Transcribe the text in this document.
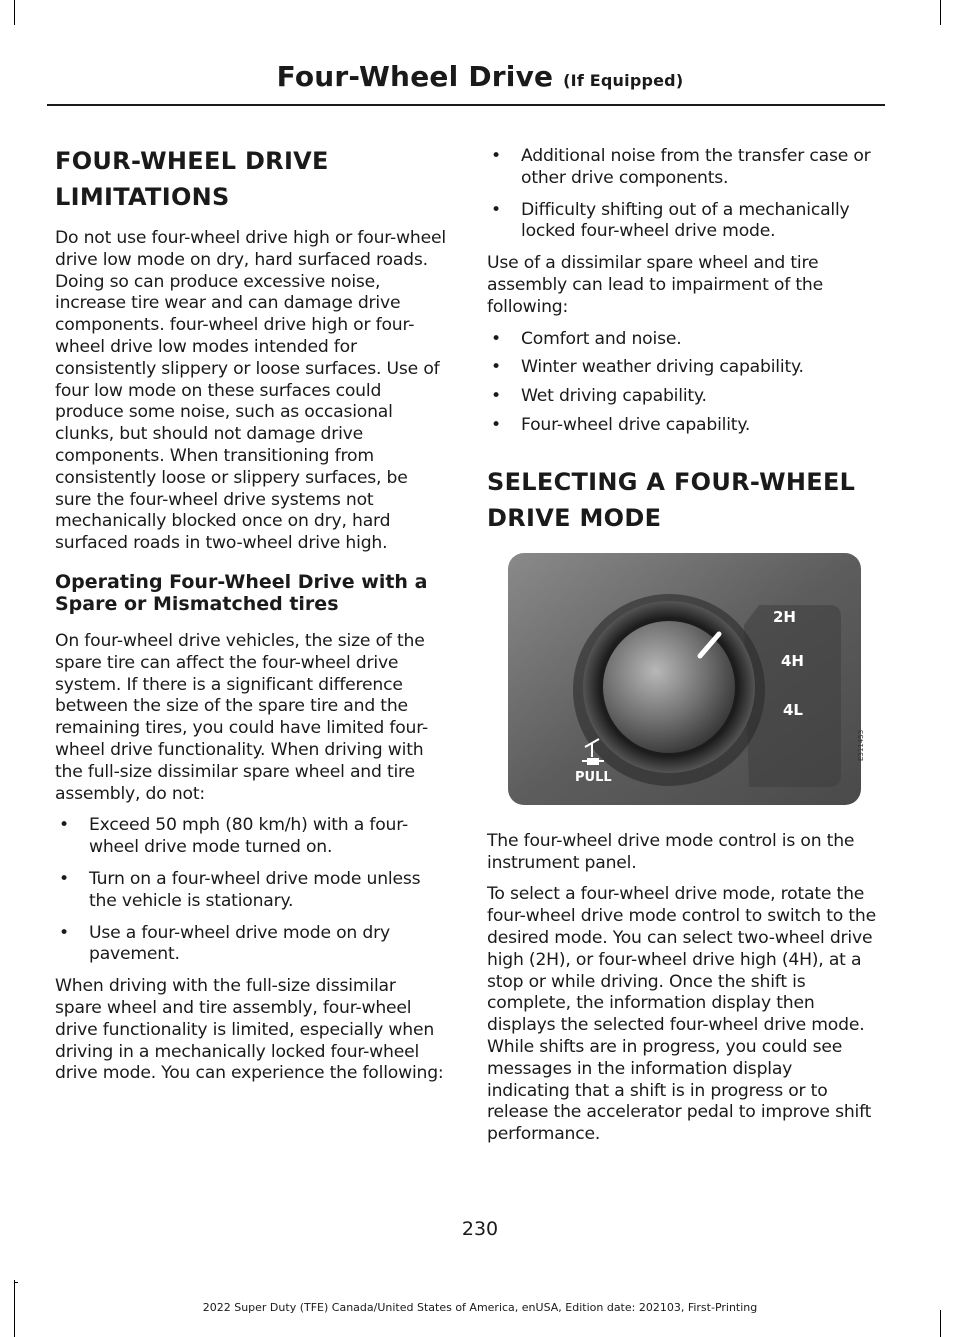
Four-Wheel Drive (If Equipped)
FOUR-WHEEL DRIVE
LIMITATIONS

Do not use four-wheel drive high or four-wheel drive low mode on dry, hard surfaced roads. Doing so can produce excessive noise, increase tire wear and can damage drive components. four-wheel drive high or four-wheel drive low modes intended for consistently slippery or loose surfaces. Use of four low mode on these surfaces could produce some noise, such as occasional clunks, but should not damage drive components. When transitioning from consistently loose or slippery surfaces, be sure the four-wheel drive systems not mechanically blocked once on dry, hard surfaced roads in two-wheel drive high.

Operating Four-Wheel Drive with a Spare or Mismatched tires

On four-wheel drive vehicles, the size of the spare tire can affect the four-wheel drive system. If there is a significant difference between the size of the spare tire and the remaining tires, you could have limited four-wheel drive functionality. When driving with the full-size dissimilar spare wheel and tire assembly, do not:

• Exceed 50 mph (80 km/h) with a four-wheel drive mode turned on.
• Turn on a four-wheel drive mode unless the vehicle is stationary.
• Use a four-wheel drive mode on dry pavement.

When driving with the full-size dissimilar spare wheel and tire assembly, four-wheel drive functionality is limited, especially when driving in a mechanically locked four-wheel drive mode. You can experience the following:

• Additional noise from the transfer case or other drive components.
• Difficulty shifting out of a mechanically locked four-wheel drive mode.

Use of a dissimilar spare wheel and tire assembly can lead to impairment of the following:

• Comfort and noise.
• Winter weather driving capability.
• Wet driving capability.
• Four-wheel drive capability.
SELECTING A FOUR-WHEEL
DRIVE MODE
2H
4H
4L
PULL
E311453

The four-wheel drive mode control is on the instrument panel.

To select a four-wheel drive mode, rotate the four-wheel drive mode control to switch to the desired mode. You can select two-wheel drive high (2H), or four-wheel drive high (4H), at a stop or while driving. Once the shift is complete, the information display then displays the selected four-wheel drive mode. While shifts are in progress, you could see messages in the information display indicating that a shift is in progress or to release the accelerator pedal to improve shift performance.

230
2022 Super Duty (TFE) Canada/United States of America, enUSA, Edition date: 202103, First-Printing
